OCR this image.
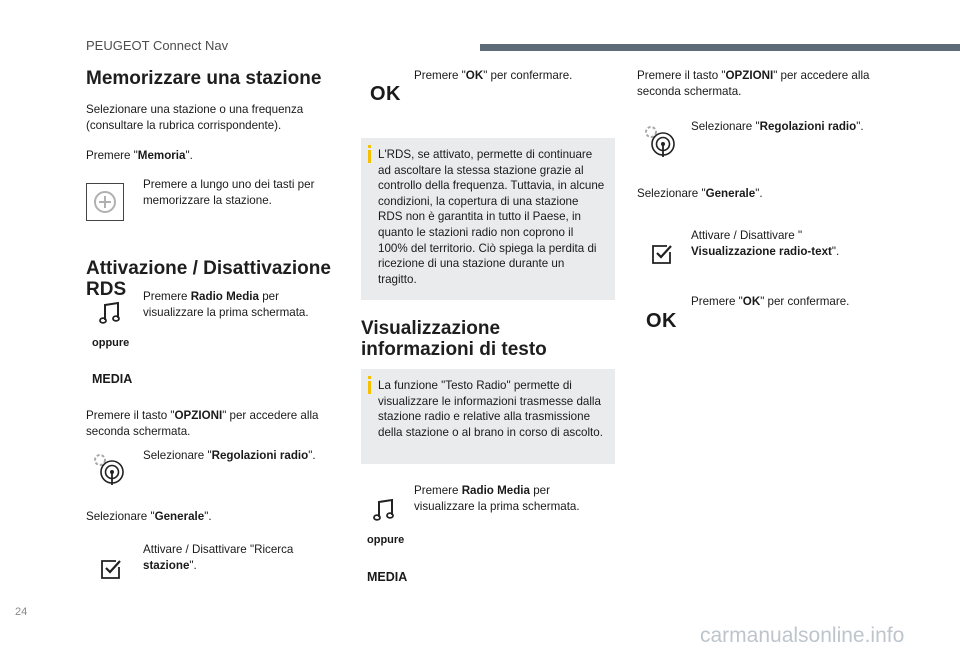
PEUGEOT Connect Nav
Memorizzare una stazione
Selezionare una stazione o una frequenza (consultare la rubrica corrispondente).
Premere "Memoria".
Premere a lungo uno dei tasti per memorizzare la stazione.
Attivazione / Disattivazione RDS	Premere Radio Media per visualizzare la prima schermata.
oppure
MEDIA
Premere il tasto "OPZIONI" per accedere alla seconda schermata.
Selezionare "Regolazioni radio".
Selezionare "Generale".
Attivare / Disattivare "Ricerca stazione".
OK
Premere "OK" per confermare.
L'RDS, se attivato, permette di continuare ad ascoltare la stessa stazione grazie al controllo della frequenza. Tuttavia, in alcune condizioni, la copertura di una stazione RDS non è garantita in tutto il Paese, in quanto le stazioni radio non coprono il 100% del territorio. Ciò spiega la perdita di ricezione di una stazione durante un tragitto.
Visualizzazione informazioni di testo
La funzione "Testo Radio" permette di visualizzare le informazioni trasmesse dalla stazione radio e relative alla trasmissione della stazione o al brano in corso di ascolto.
Premere Radio Media per visualizzare la prima schermata.
oppure
MEDIA
Premere il tasto "OPZIONI" per accedere alla seconda schermata.
Selezionare "Regolazioni radio".
Selezionare "Generale".
Attivare / Disattivare "
Visualizzazione radio-text".
OK
Premere "OK" per confermare.
24
carmanualsonline.info
